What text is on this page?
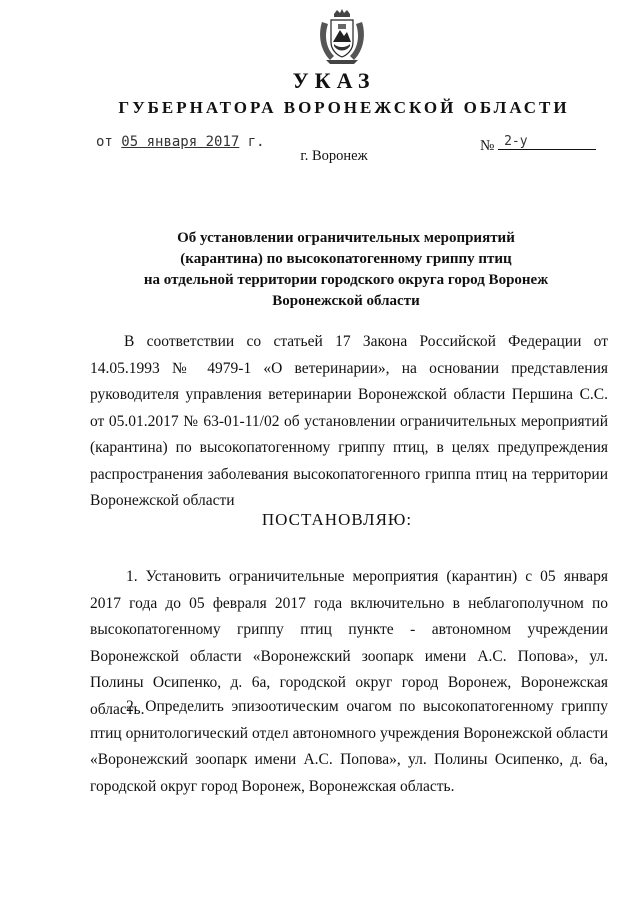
УКАЗ
ГУБЕРНАТОРА ВОРОНЕЖСКОЙ ОБЛАСТИ
от 05 января 2017 г.	№ 2-у
г. Воронеж
Об установлении ограничительных мероприятий
(карантина) по высокопатогенному гриппу птиц
на отдельной территории городского округа город Воронеж
Воронежской области
В соответствии со статьей 17 Закона Российской Федерации от 14.05.1993 № 4979-1 «О ветеринарии», на основании представления руководителя управления ветеринарии Воронежской области Першина С.С. от 05.01.2017 № 63-01-11/02 об установлении ограничительных мероприятий (карантина) по высокопатогенному гриппу птиц, в целях предупреждения распространения заболевания высокопатогенного гриппа птиц на территории Воронежской области
ПОСТАНОВЛЯЮ:
1. Установить ограничительные мероприятия (карантин) с 05 января 2017 года до 05 февраля 2017 года включительно в неблагополучном по высокопатогенному гриппу птиц пункте - автономном учреждении Воронежской области «Воронежский зоопарк имени А.С. Попова», ул. Полины Осипенко, д. 6а, городской округ город Воронеж, Воронежская область.
2. Определить эпизоотическим очагом по высокопатогенному гриппу птиц орнитологический отдел автономного учреждения Воронежской области «Воронежский зоопарк имени А.С. Попова», ул. Полины Осипенко, д. 6а, городской округ город Воронеж, Воронежская область.
